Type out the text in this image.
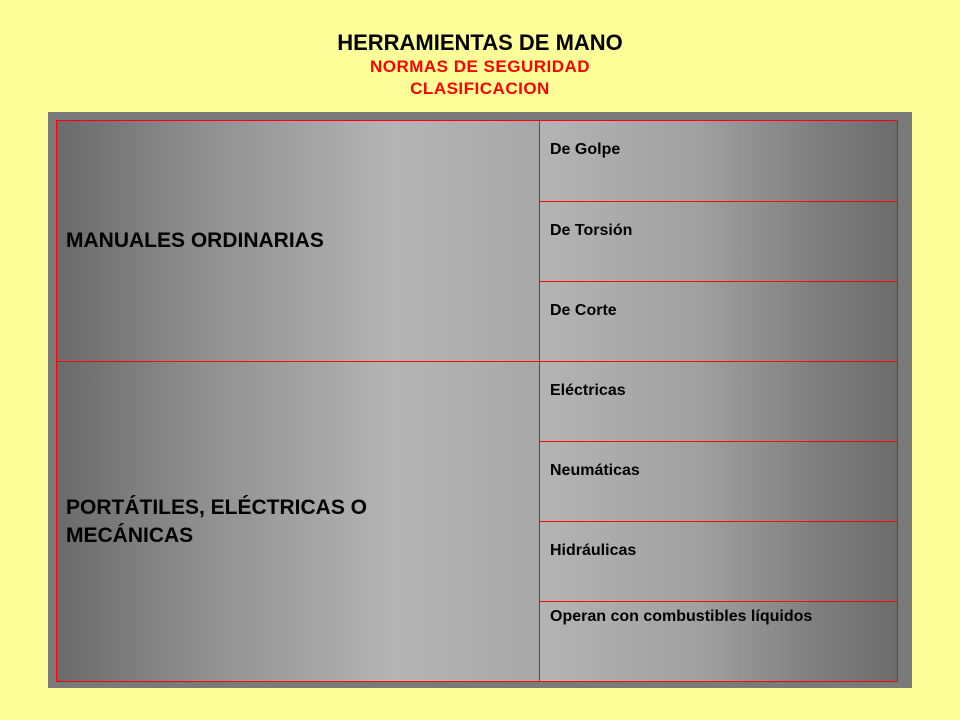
HERRAMIENTAS DE MANO

NORMAS DE SEGURIDAD

CLASIFICACION

MANUALES ORDINARIAS
De Golpe
De Torsión
De Corte
PORTÁTILES, ELÉCTRICAS O MECÁNICAS
Eléctricas
Neumáticas
Hidráulicas
Operan con combustibles líquidos
